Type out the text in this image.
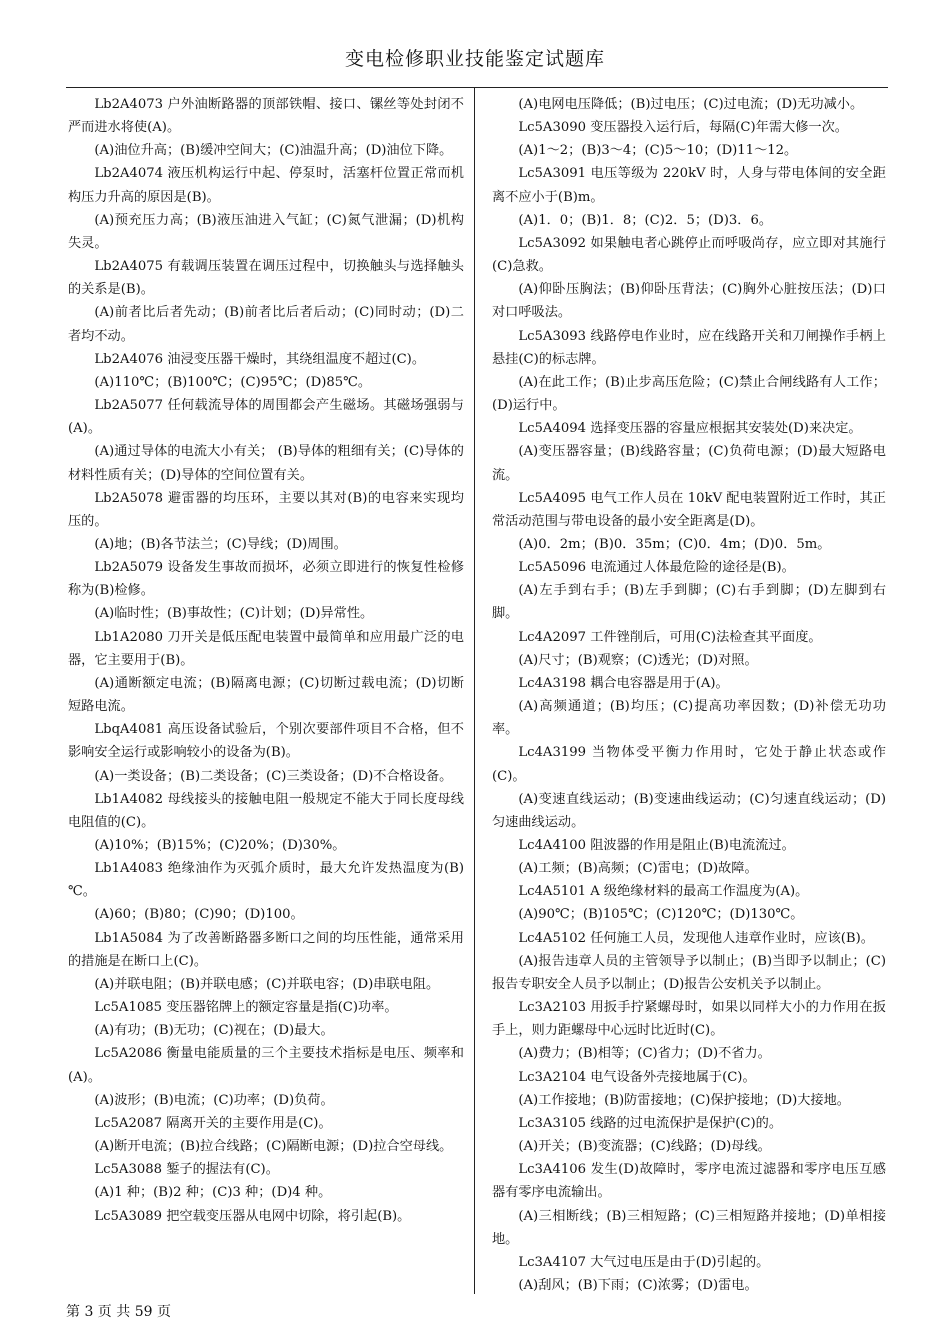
变电检修职业技能鉴定试题库

Lb2A4073 户外油断路器的顶部铁帽、接口、镙丝等处封闭不严而进水将使(A)。

(A)油位升高；(B)缓冲空间大；(C)油温升高；(D)油位下降。

Lb2A4074 液压机构运行中起、停泵时，活塞杆位置正常而机构压力升高的原因是(B)。

(A)预充压力高；(B)液压油进入气缸；(C)氮气泄漏；(D)机构失灵。

Lb2A4075 有载调压装置在调压过程中，切换触头与选择触头的关系是(B)。

(A)前者比后者先动；(B)前者比后者后动；(C)同时动；(D)二者均不动。

Lb2A4076 油浸变压器干燥时，其绕组温度不超过(C)。

(A)110℃；(B)100℃；(C)95℃；(D)85℃。

Lb2A5077 任何载流导体的周围都会产生磁场。其磁场强弱与(A)。

(A)通过导体的电流大小有关； (B)导体的粗细有关；(C)导体的材料性质有关；(D)导体的空间位置有关。

Lb2A5078 避雷器的均压环，主要以其对(B)的电容来实现均压的。

(A)地；(B)各节法兰；(C)导线；(D)周围。

Lb2A5079 设备发生事故而损坏，必须立即进行的恢复性检修称为(B)检修。

(A)临时性；(B)事故性；(C)计划；(D)异常性。

Lb1A2080 刀开关是低压配电装置中最简单和应用最广泛的电器，它主要用于(B)。

(A)通断额定电流；(B)隔离电源；(C)切断过载电流；(D)切断短路电流。

LbqA4081 高压设备试验后，个别次要部件项目不合格，但不影响安全运行或影响较小的设备为(B)。

(A)一类设备；(B)二类设备；(C)三类设备；(D)不合格设备。

Lb1A4082 母线接头的接触电阻一般规定不能大于同长度母线电阻值的(C)。

(A)10%；(B)15%；(C)20%；(D)30%。

Lb1A4083 绝缘油作为灭弧介质时，最大允许发热温度为(B)℃。

(A)60；(B)80；(C)90；(D)100。

Lb1A5084 为了改善断路器多断口之间的均压性能，通常采用的措施是在断口上(C)。

(A)并联电阻；(B)并联电感；(C)并联电容；(D)串联电阻。

Lc5A1085 变压器铭牌上的额定容量是指(C)功率。

(A)有功；(B)无功；(C)视在；(D)最大。

Lc5A2086 衡量电能质量的三个主要技术指标是电压、频率和(A)。

(A)波形；(B)电流；(C)功率；(D)负荷。

Lc5A2087 隔离开关的主要作用是(C)。

(A)断开电流；(B)拉合线路；(C)隔断电源；(D)拉合空母线。

Lc5A3088 錾子的握法有(C)。

(A)1 种；(B)2 种；(C)3 种；(D)4 种。

Lc5A3089 把空载变压器从电网中切除，将引起(B)。

(A)电网电压降低；(B)过电压；(C)过电流；(D)无功减小。

Lc5A3090 变压器投入运行后，每隔(C)年需大修一次。

(A)1～2；(B)3～4；(C)5～10；(D)11～12。

Lc5A3091 电压等级为 220kV 时，人身与带电体间的安全距离不应小于(B)m。

(A)1．0；(B)1．8；(C)2．5；(D)3．6。

Lc5A3092 如果触电者心跳停止而呼吸尚存，应立即对其施行(C)急救。

(A)仰卧压胸法；(B)仰卧压背法；(C)胸外心脏按压法；(D)口对口呼吸法。

Lc5A3093 线路停电作业时，应在线路开关和刀闸操作手柄上悬挂(C)的标志牌。

(A)在此工作；(B)止步高压危险；(C)禁止合闸线路有人工作；(D)运行中。

Lc5A4094 选择变压器的容量应根据其安装处(D)来决定。

(A)变压器容量；(B)线路容量；(C)负荷电源；(D)最大短路电流。

Lc5A4095 电气工作人员在 10kV 配电装置附近工作时，其正常活动范围与带电设备的最小安全距离是(D)。

(A)0．2m；(B)0．35m；(C)0．4m；(D)0．5m。

Lc5A5096 电流通过人体最危险的途径是(B)。

(A)左手到右手；(B)左手到脚；(C)右手到脚；(D)左脚到右脚。

Lc4A2097 工件锉削后，可用(C)法检查其平面度。

(A)尺寸；(B)观察；(C)透光；(D)对照。

Lc4A3198 耦合电容器是用于(A)。

(A)高频通道；(B)均压；(C)提高功率因数；(D)补偿无功功率。

Lc4A3199 当物体受平衡力作用时，它处于静止状态或作(C)。

(A)变速直线运动；(B)变速曲线运动；(C)匀速直线运动；(D)匀速曲线运动。

Lc4A4100 阻波器的作用是阻止(B)电流流过。

(A)工频；(B)高频；(C)雷电；(D)故障。

Lc4A5101 A 级绝缘材料的最高工作温度为(A)。

(A)90℃；(B)105℃；(C)120℃；(D)130℃。

Lc4A5102 任何施工人员，发现他人违章作业时，应该(B)。

(A)报告违章人员的主管领导予以制止；(B)当即予以制止；(C)报告专职安全人员予以制止；(D)报告公安机关予以制止。

Lc3A2103 用扳手拧紧螺母时，如果以同样大小的力作用在扳手上，则力距螺母中心远时比近时(C)。

(A)费力；(B)相等；(C)省力；(D)不省力。

Lc3A2104 电气设备外壳接地属于(C)。

(A)工作接地；(B)防雷接地；(C)保护接地；(D)大接地。

Lc3A3105 线路的过电流保护是保护(C)的。

(A)开关；(B)变流器；(C)线路；(D)母线。

Lc3A4106 发生(D)故障时，零序电流过滤器和零序电压互感器有零序电流输出。

(A)三相断线；(B)三相短路；(C)三相短路并接地；(D)单相接地。

Lc3A4107 大气过电压是由于(D)引起的。

(A)刮风；(B)下雨；(C)浓雾；(D)雷电。

第 3 页 共 59 页
